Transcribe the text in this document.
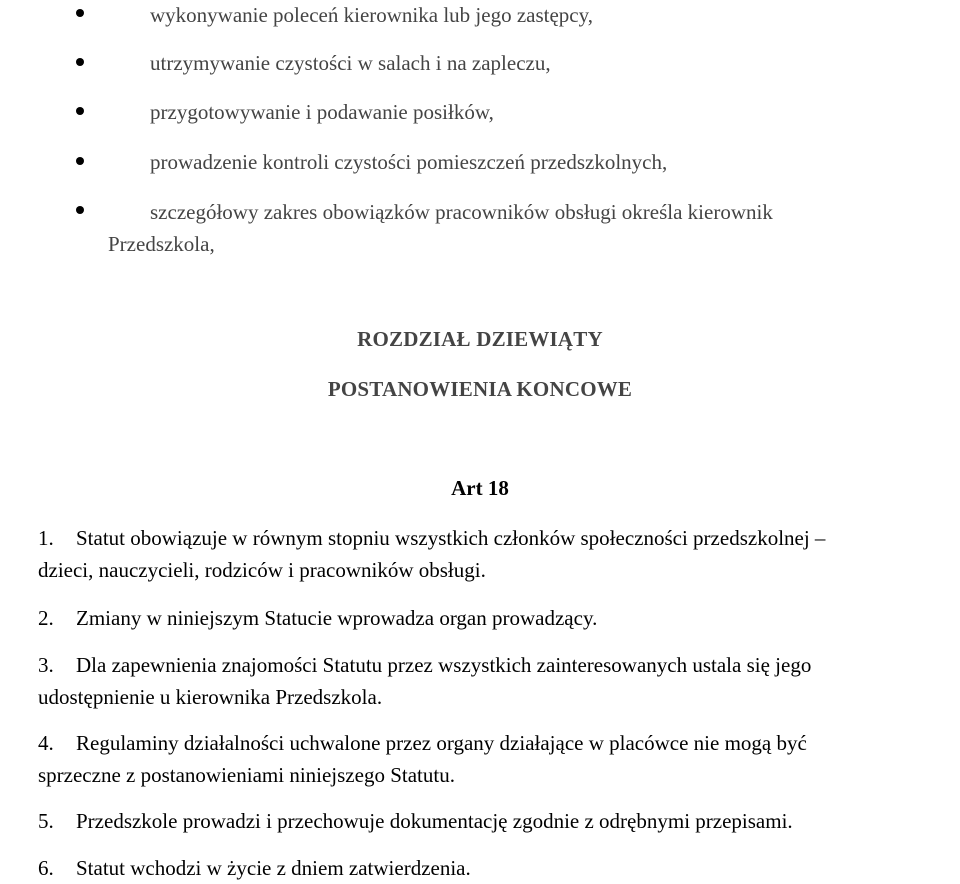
wykonywanie poleceń kierownika lub jego zastępcy,
utrzymywanie czystości w salach i na zapleczu,
przygotowywanie i podawanie posiłków,
prowadzenie kontroli czystości pomieszczeń przedszkolnych,
szczegółowy zakres obowiązków pracowników obsługi określa kierownik
Przedszkola,
ROZDZIAŁ DZIEWIĄTY
POSTANOWIENIA KONCOWE
Art 18
1. Statut obowiązuje w równym stopniu wszystkich członków społeczności przedszkolnej –
dzieci, nauczycieli, rodziców i pracowników obsługi.
2. Zmiany w niniejszym Statucie wprowadza organ prowadzący.
3. Dla zapewnienia znajomości Statutu przez wszystkich zainteresowanych ustala się jego
udostępnienie u kierownika Przedszkola.
4. Regulaminy działalności uchwalone przez organy działające w placówce nie mogą być
sprzeczne z postanowieniami niniejszego Statutu.
5. Przedszkole prowadzi i przechowuje dokumentację zgodnie z odrębnymi przepisami.
6. Statut wchodzi w życie z dniem zatwierdzenia.
